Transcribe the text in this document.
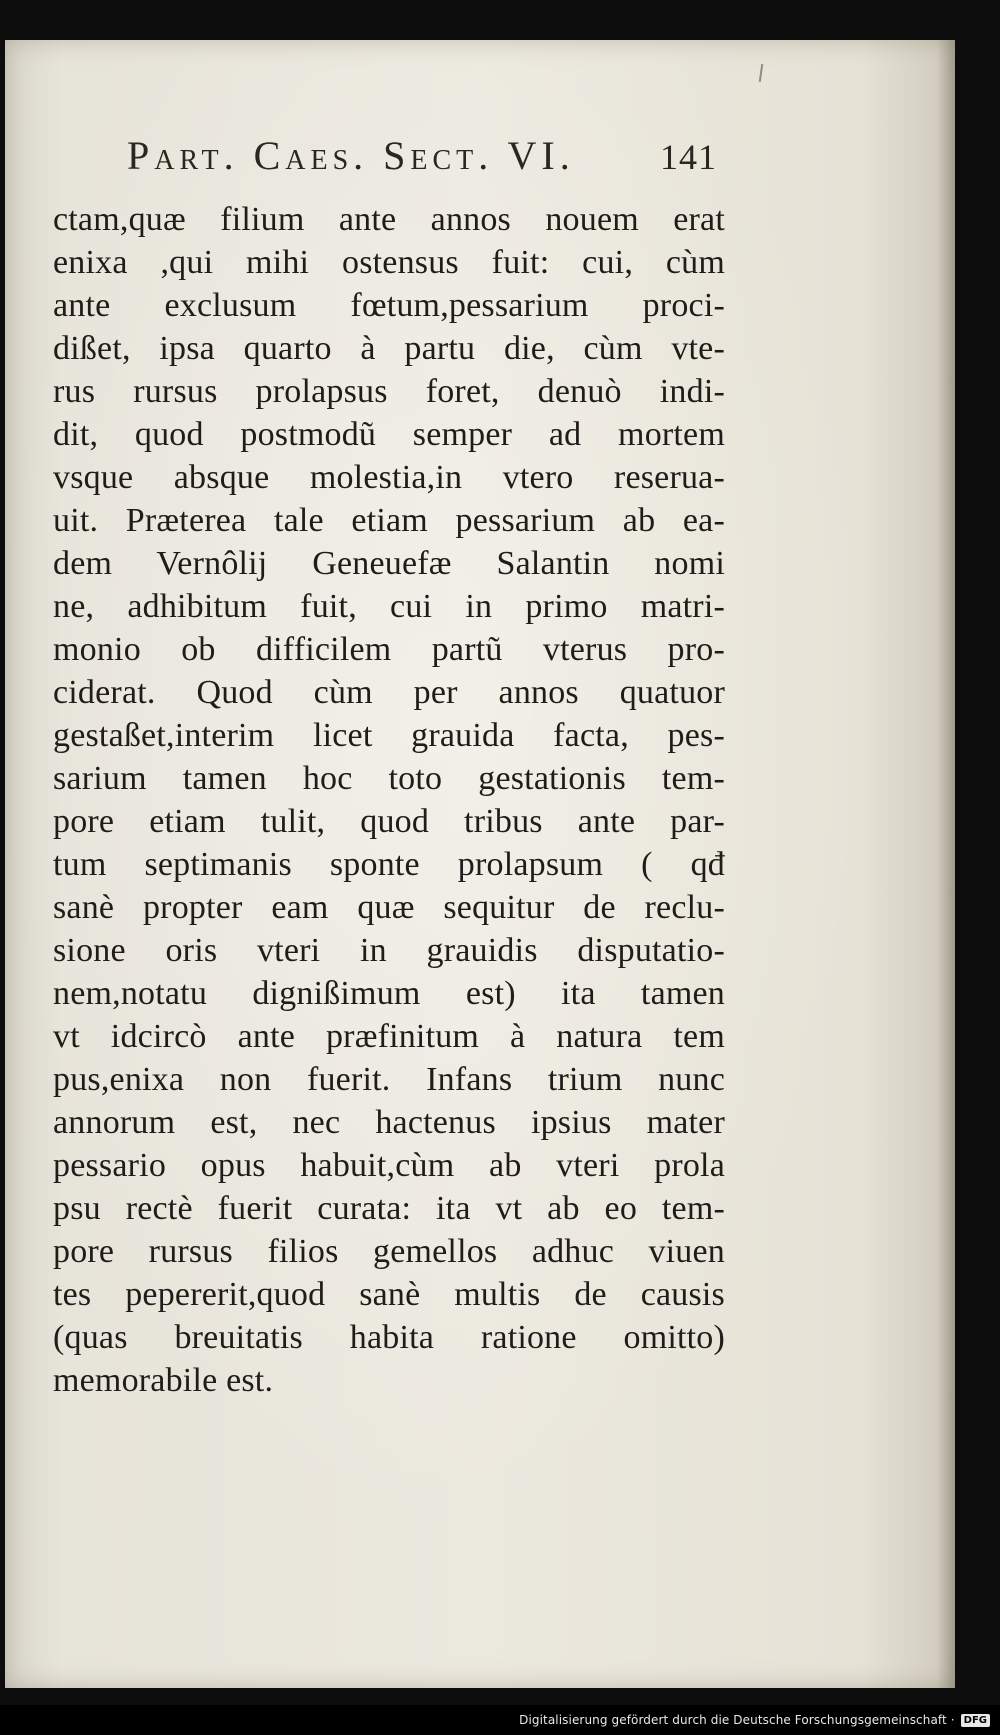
Part. Caes. Sect. VI. 141
ctam,quæ filium ante annos nouem erat
enixa ,qui mihi ostensus fuit: cui, cùm
ante exclusum fœtum,pessarium proci-
dißet, ipsa quarto à partu die, cùm vte-
rus rursus prolapsus foret, denuò indi-
dit, quod postmodũ semper ad mortem
vsque absque molestia,in vtero reserua-
uit. Præterea tale etiam pessarium ab ea-
dem Vernôlij Geneuefæ Salantin nomi
ne, adhibitum fuit, cui in primo matri-
monio ob difficilem partũ vterus pro-
ciderat. Quod cùm per annos quatuor
gestaßet,interim licet grauida facta, pes-
sarium tamen hoc toto gestationis tem-
pore etiam tulit, quod tribus ante par-
tum septimanis sponte prolapsum ( qđ
sanè propter eam quæ sequitur de reclu-
sione oris vteri in grauidis disputatio-
nem,notatu dignißimum est) ita tamen
vt idcircò ante præfinitum à natura tem
pus,enixa non fuerit. Infans trium nunc
annorum est, nec hactenus ipsius mater
pessario opus habuit,cùm ab vteri prola
psu rectè fuerit curata: ita vt ab eo tem-
pore rursus filios gemellos adhuc viuen
tes pepererit,quod sanè multis de causis
(quas breuitatis habita ratione omitto)
memorabile est.
Digitalisierung gefördert durch die Deutsche Forschungsgemeinschaft · DFG
